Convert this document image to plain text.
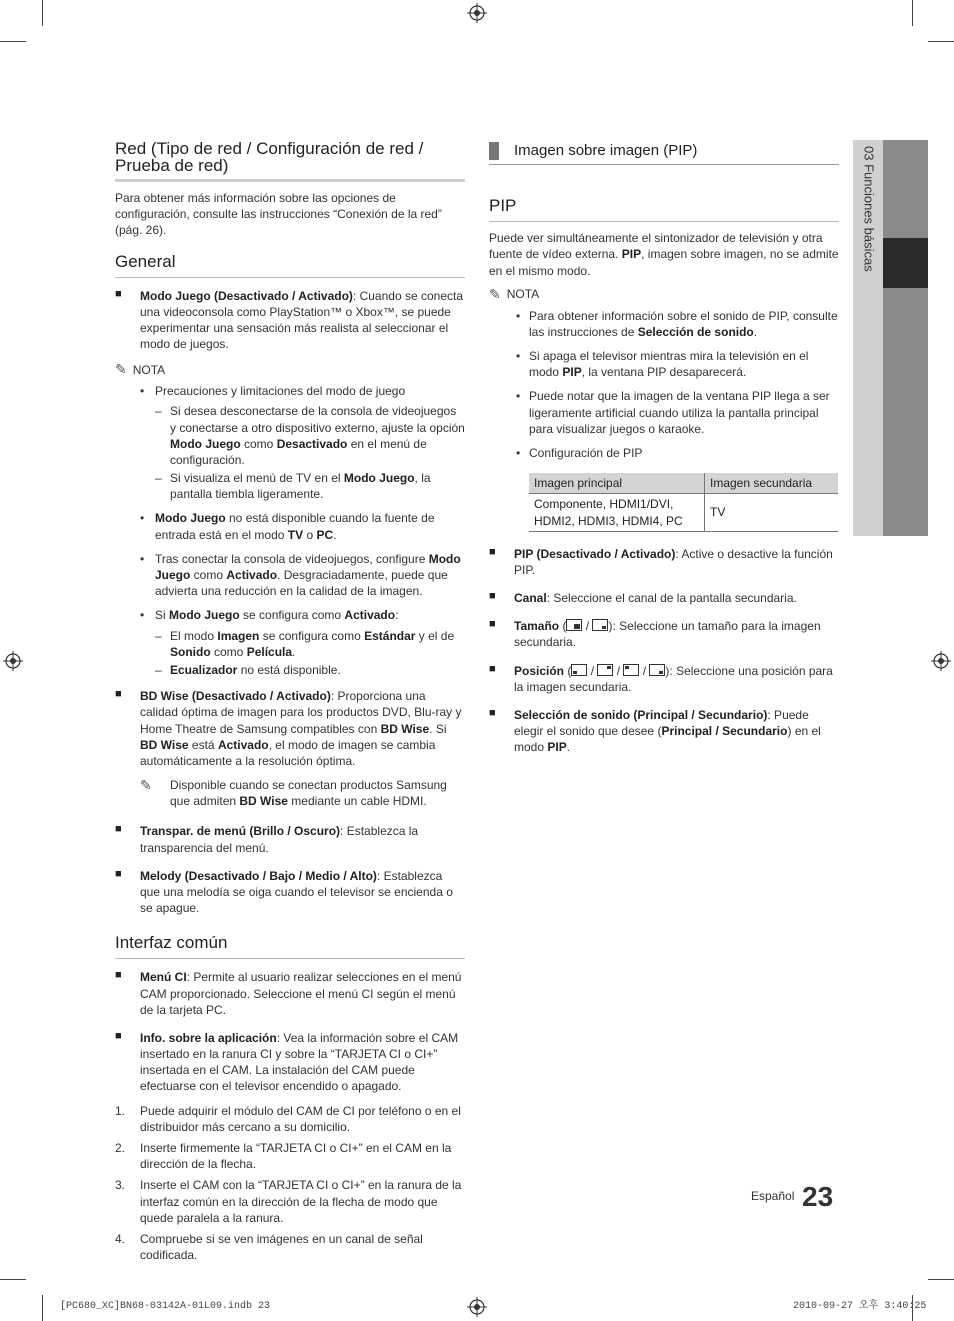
Red (Tipo de red / Configuración de red / Prueba de red)

Para obtener más información sobre las opciones de configuración, consulte las instrucciones “Conexión de la red” (pág. 26).

General
■ Modo Juego (Desactivado / Activado): Cuando se conecta una videoconsola como PlayStation™ o Xbox™, se puede experimentar una sensación más realista al seleccionar el modo de juegos.
✎ NOTA
• Precauciones y limitaciones del modo de juego
– Si desea desconectarse de la consola de videojuegos y conectarse a otro dispositivo externo, ajuste la opción Modo Juego como Desactivado en el menú de configuración.
– Si visualiza el menú de TV en el Modo Juego, la pantalla tiembla ligeramente.
• Modo Juego no está disponible cuando la fuente de entrada está en el modo TV o PC.
• Tras conectar la consola de videojuegos, configure Modo Juego como Activado. Desgraciadamente, puede que advierta una reducción en la calidad de la imagen.
• Si Modo Juego se configura como Activado:
– El modo Imagen se configura como Estándar y el de Sonido como Película.
– Ecualizador no está disponible.
■ BD Wise (Desactivado / Activado): Proporciona una calidad óptima de imagen para los productos DVD, Blu-ray y Home Theatre de Samsung compatibles con BD Wise. Si BD Wise está Activado, el modo de imagen se cambia automáticamente a la resolución óptima.
✎ Disponible cuando se conectan productos Samsung que admiten BD Wise mediante un cable HDMI.
■ Transpar. de menú (Brillo / Oscuro): Establezca la transparencia del menú.
■ Melody (Desactivado / Bajo / Medio / Alto): Establezca que una melodía se oiga cuando el televisor se encienda o se apague.
Interfaz común
■ Menú CI: Permite al usuario realizar selecciones en el menú CAM proporcionado. Seleccione el menú CI según el menú de la tarjeta PC.
■ Info. sobre la aplicación: Vea la información sobre el CAM insertado en la ranura CI y sobre la “TARJETA CI o CI+” insertada en el CAM. La instalación del CAM puede efectuarse con el televisor encendido o apagado.
1. Puede adquirir el módulo del CAM de CI por teléfono o en el distribuidor más cercano a su domicilio.
2. Inserte firmemente la “TARJETA CI o CI+” en el CAM en la dirección de la flecha.
3. Inserte el CAM con la “TARJETA CI o CI+” en la ranura de la interfaz común en la dirección de la flecha de modo que quede paralela a la ranura.
4. Compruebe si se ven imágenes en un canal de señal codificada.
Imagen sobre imagen (PIP)
PIP

Puede ver simultáneamente el sintonizador de televisión y otra fuente de vídeo externa. PIP, imagen sobre imagen, no se admite en el mismo modo.

✎ NOTA
• Para obtener información sobre el sonido de PIP, consulte las instrucciones de Selección de sonido.
• Si apaga el televisor mientras mira la televisión en el modo PIP, la ventana PIP desaparecerá.
• Puede notar que la imagen de la ventana PIP llega a ser ligeramente artificial cuando utiliza la pantalla principal para visualizar juegos o karaoke.
• Configuración de PIP
Imagen principal	Imagen secundaria
Componente, HDMI1/DVI, HDMI2, HDMI3, HDMI4, PC	TV
■ PIP (Desactivado / Activado): Active o desactive la función PIP.
■ Canal: Seleccione el canal de la pantalla secundaria.
■ Tamaño (
/
): Seleccione un tamaño para la imagen secundaria.
■ Posición (
/
/
/
): Seleccione una posición para la imagen secundaria.
■ Selección de sonido (Principal / Secundario): Puede elegir el sonido que desee (Principal / Secundario) en el modo PIP.
03 Funciones básicas
Español 23
[PC680_XC]BN68-03142A-01L09.indb 23	2010-09-27 오후 3:40:25
